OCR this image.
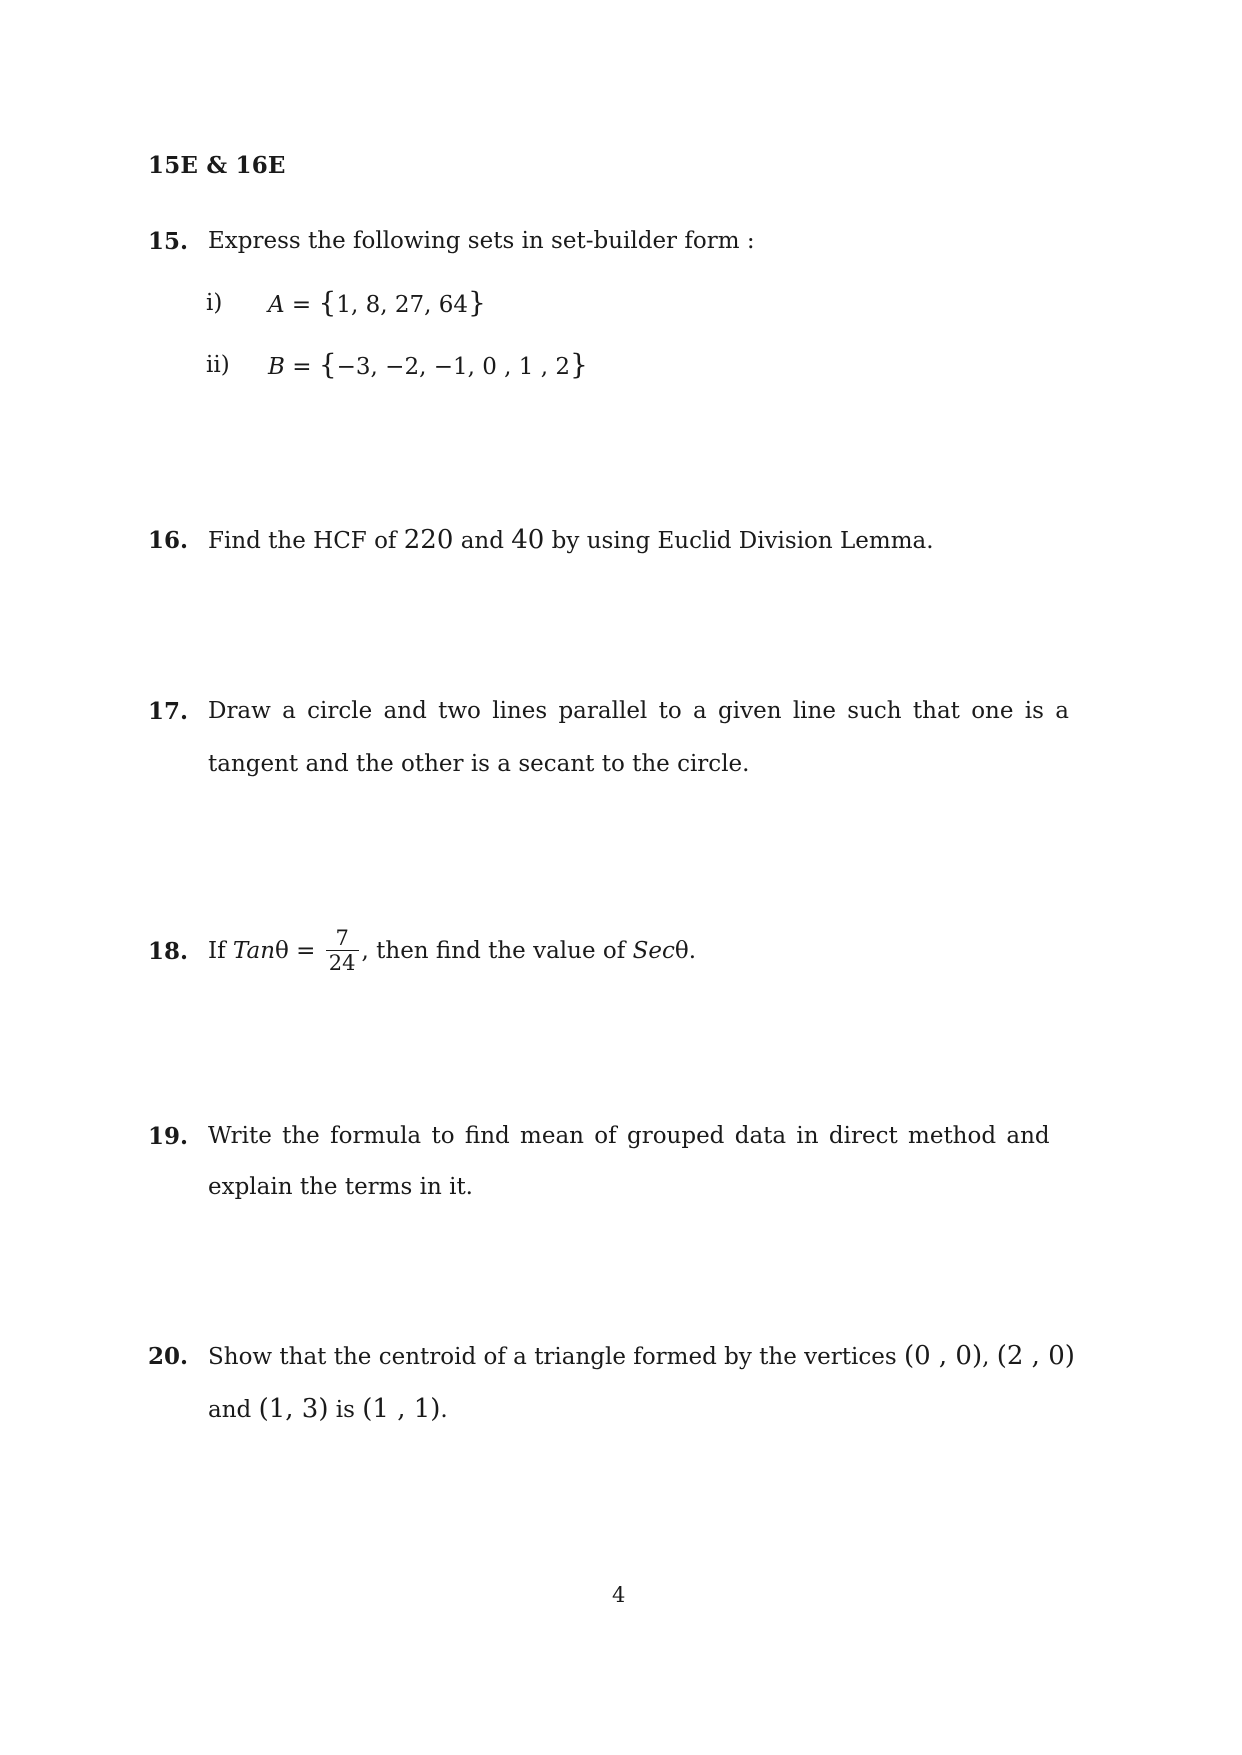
15E & 16E
15. Express the following sets in set-builder form :
i) A = {1, 8, 27, 64}
ii) B = {−3, −2, −1, 0 , 1 , 2}
16. Find the HCF of 220 and 40 by using Euclid Division Lemma.
17. Draw a circle and two lines parallel to a given line such that one is a
tangent and the other is a secant to the circle.
18. If $Tan\theta = \frac{7}{24}$ , then find the value of Secθ.
19. Write the formula to find mean of grouped data in direct method and
explain the terms in it.
20. Show that the centroid of a triangle formed by the vertices (0 , 0), (2 , 0)
and (1, 3) is (1 , 1).
4
